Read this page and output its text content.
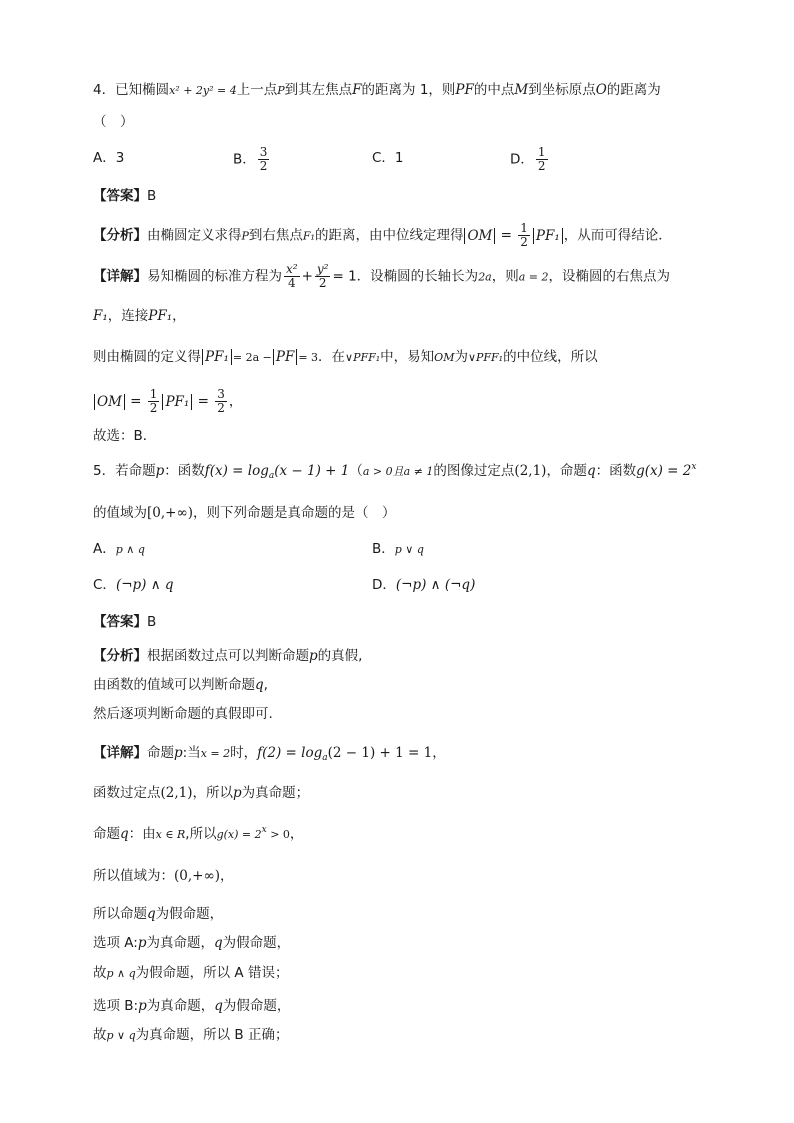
4．已知椭圆x² + 2y² = 4上一点P到其左焦点F的距离为 1，则PF的中点M到坐标原点O的距离为
（　）
A．3	B． $\frac{3}{2}$	C．1	D． $\frac{1}{2}$
【答案】B
【分析】由椭圆定义求得P到右焦点F₁的距离，由中位线定理得 OM = $\frac{1}{2} PF_1$ ，从而可得结论．
【详解】易知椭圆的标准方程为 $\frac{\text{x²}}{4} + \frac{\text{y²}}{2} = 1$．设椭圆的长轴长为2a，则a = 2，设椭圆的右焦点为
F₁，连接PF₁，
则由椭圆的定义得 PF₁ = 2a − PF = 3．在∨PFF₁中，易知OM为∨PFF₁的中位线，所以
OM = $\frac{1}{2} PF_1 = \frac{3}{2}$ ，
故选：B．
5．若命题p：函数$f(x) = \log_a(x - 1) + 1(a > 0$且a ≠ 1的图像过定点(2,1)，命题q：函数$g(x) = 2^x$
的值域为[0,+∞)，则下列命题是真命题的是（　）
A．p ∧ q	B．p ∨ q
C．(¬p) ∧ q	D．(¬p) ∧ (¬q)
【答案】B
【分析】根据函数过点可以判断命题p的真假,
由函数的值域可以判断命题q,
然后逐项判断命题的真假即可.
【详解】命题p:当x = 2时，$f(2) = \log_a(2 - 1) + 1 = 1$，
函数过定点(2,1)，所以p为真命题；
命题q：由x ∈ R,所以$g(x) = 2^x > 0$，
所以值域为：(0,+∞)，
所以命题q为假命题，
选项 A:p为真命题，q为假命题，
故p ∧ q为假命题，所以 A 错误；
选项 B:p为真命题，q为假命题，
故p ∨ q为真命题，所以 B 正确；
